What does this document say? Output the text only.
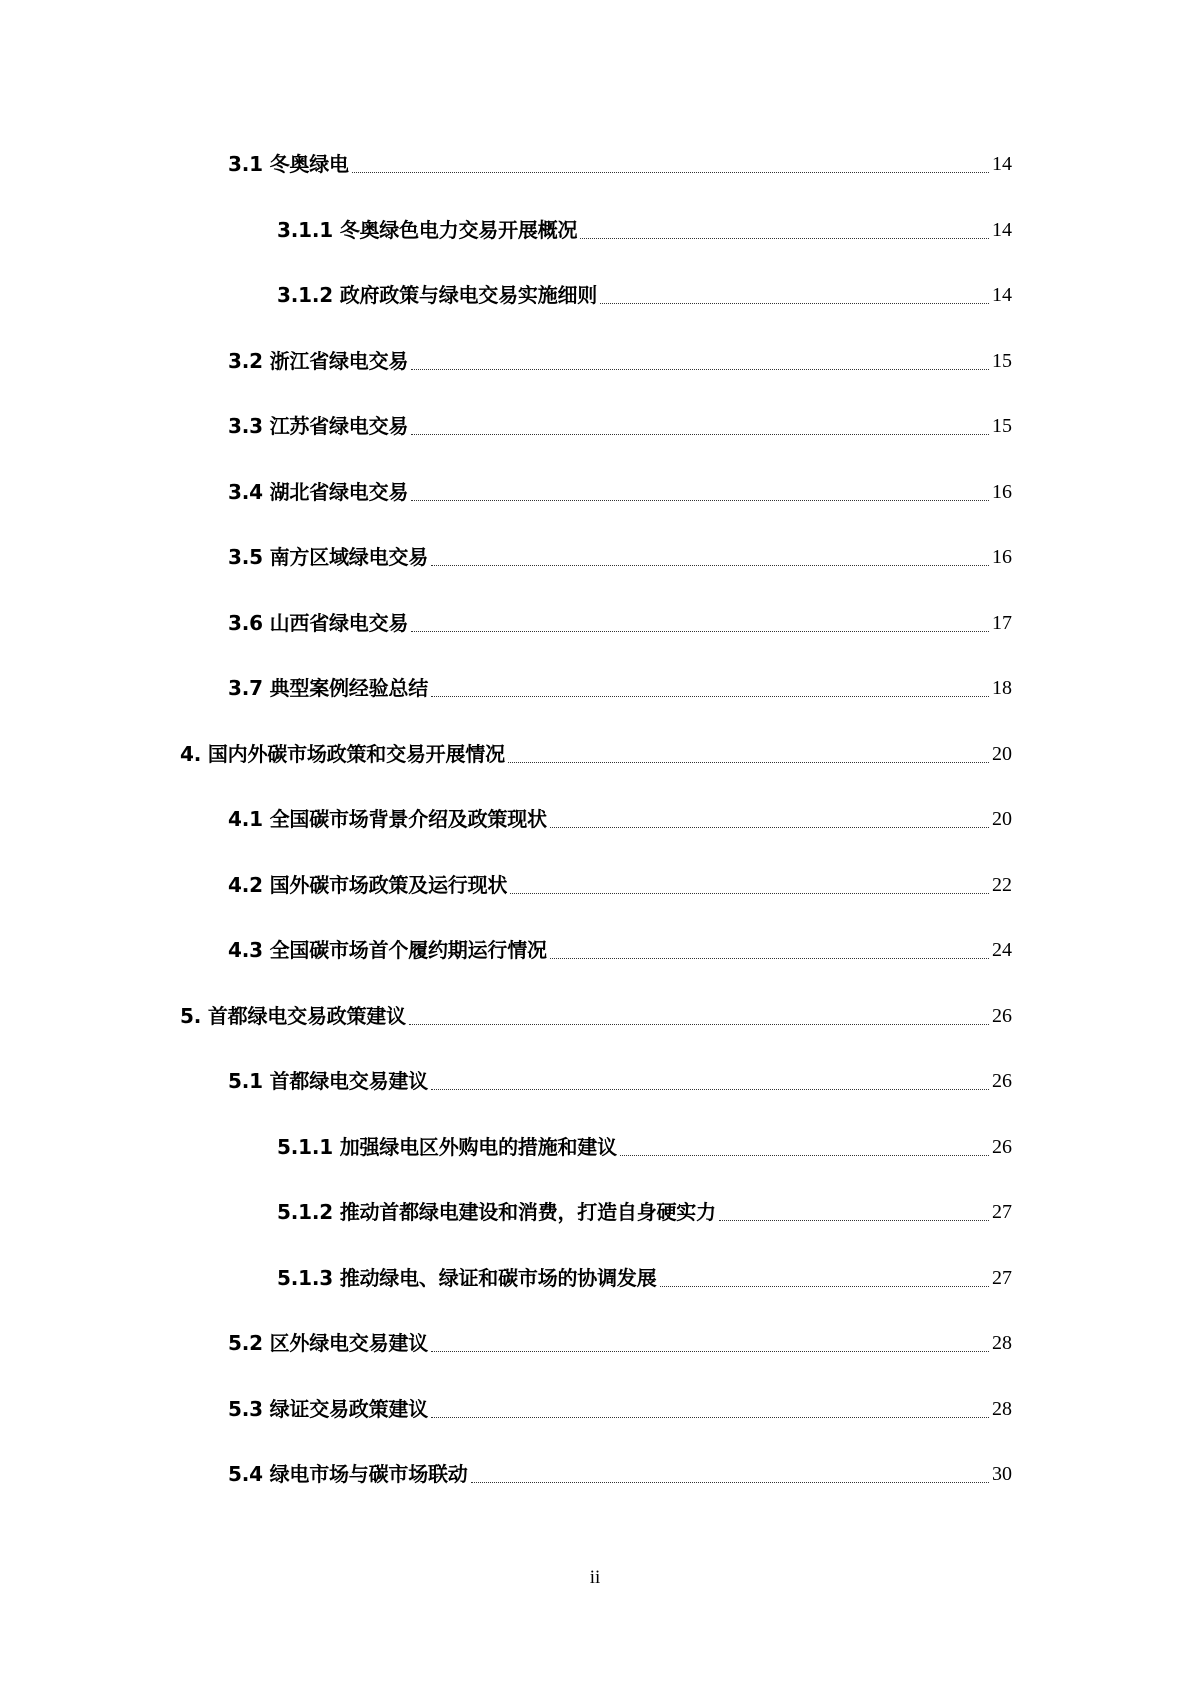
3.1 冬奥绿电	14
3.1.1 冬奥绿色电力交易开展概况	14
3.1.2 政府政策与绿电交易实施细则	14
3.2 浙江省绿电交易	15
3.3 江苏省绿电交易	15
3.4 湖北省绿电交易	16
3.5 南方区域绿电交易	16
3.6 山西省绿电交易	17
3.7 典型案例经验总结	18
4. 国内外碳市场政策和交易开展情况	20
4.1 全国碳市场背景介绍及政策现状	20
4.2 国外碳市场政策及运行现状	22
4.3 全国碳市场首个履约期运行情况	24
5. 首都绿电交易政策建议	26
5.1 首都绿电交易建议	26
5.1.1 加强绿电区外购电的措施和建议	26
5.1.2 推动首都绿电建设和消费，打造自身硬实力	27
5.1.3 推动绿电、绿证和碳市场的协调发展	27
5.2 区外绿电交易建议	28
5.3 绿证交易政策建议	28
5.4 绿电市场与碳市场联动	30
ii
